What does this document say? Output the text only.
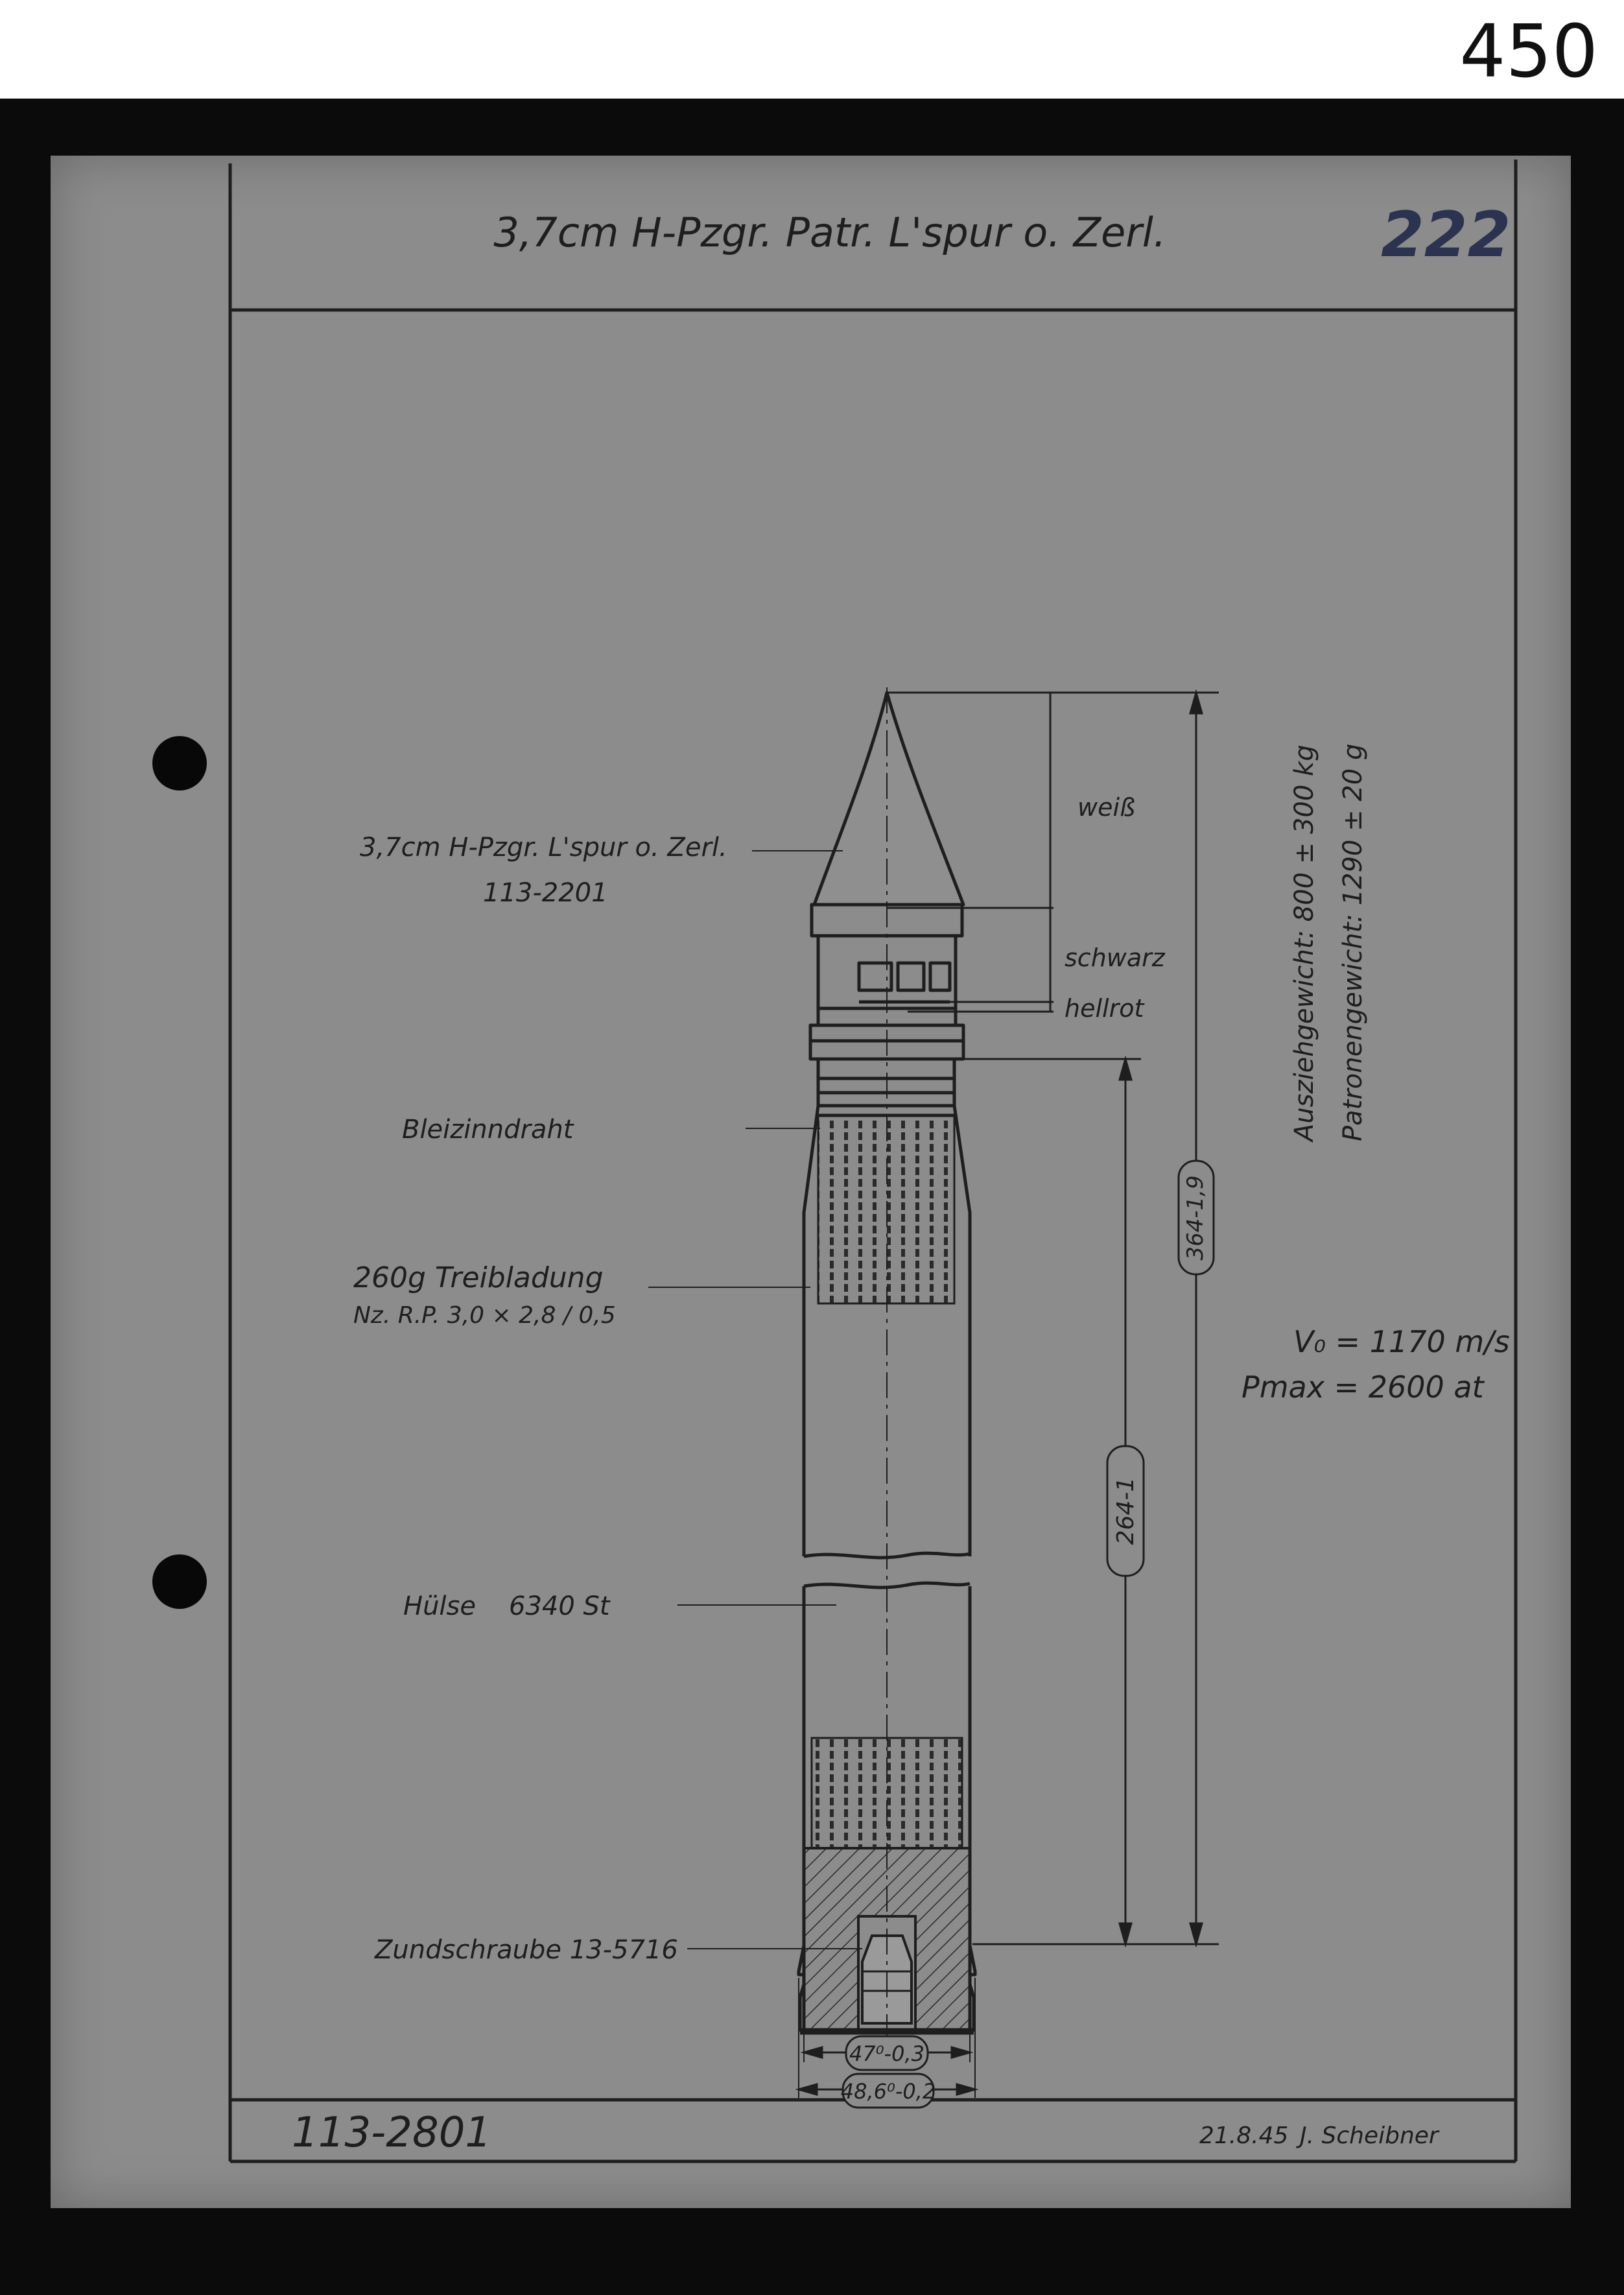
450
3,7cm H-Pzgr. Patr. L'spur o. Zerl.	222
113-2801	21.8.45 J. Scheibner
364-1,9
264-1
47⁰-0,3
48,6⁰-0,2
3,7cm H-Pzgr. L'spur o. Zerl.
113-2201
Bleizinndraht
260g Treibladung
Nz. R.P. 3,0 × 2,8 / 0,5
Hülse 6340 St
Zundschraube 13-5716
weiß
schwarz
hellrot	Ausziehgewicht: 800 ± 300 kg Patronengewicht: 1290 ± 20 g
V₀ = 1170 m/s
Pmax = 2600 at
